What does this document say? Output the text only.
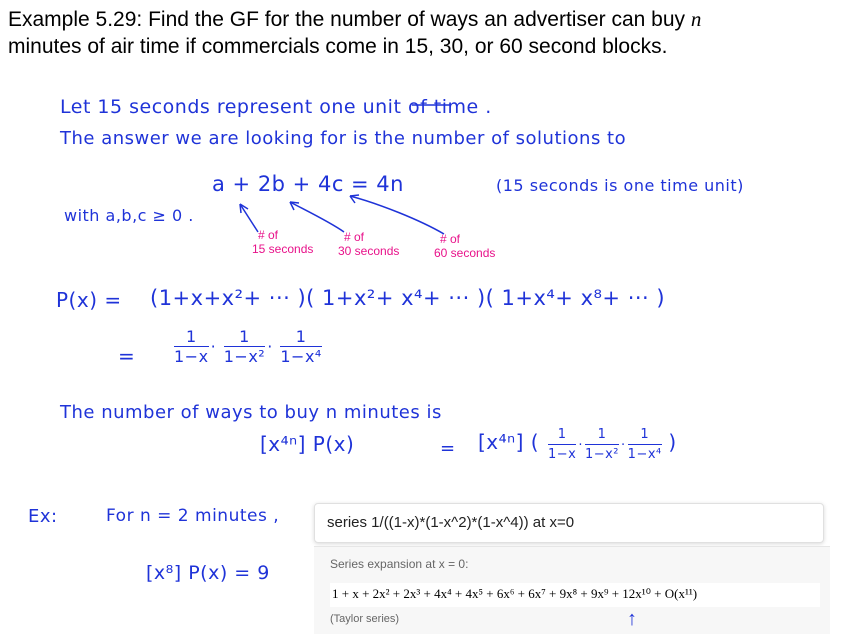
Example 5.29: Find the GF for the number of ways an advertiser can buy n
minutes of air time if commercials come in 15, 30, or 60 second blocks.
Let 15 seconds represent one unit of time .
The answer we are looking for is the number of solutions to
a + 2b + 4c = 4n	(15 seconds is one time unit)
with a,b,c ≥ 0 .
# of
15 seconds
# of
30 seconds
# of
60 seconds
P(x) = (1+x+x²+ ··· )( 1+x²+ x⁴+ ··· )( 1+x⁴+ x⁸+ ··· )
= $\frac{1}{1-x} \cdot \frac{1}{\text{1−x²}} \cdot \frac{1}{\text{1−x⁴}}$
The number of ways to buy n minutes is
[x⁴ⁿ] P(x)	= [x⁴ⁿ] ( $\frac{1}{1-x} \cdot \frac{1}{\text{1−x²}} \cdot \frac{1}{\text{1−x⁴}}$ )
Ex:	For n = 2 minutes ,
[x⁸] P(x) = 9
series 1/((1-x)*(1-x^2)*(1-x^4)) at x=0
Series expansion at x = 0:
1 + x + 2x² + 2x³ + 4x⁴ + 4x⁵ + 6x⁶ + 6x⁷ + 9x⁸ + 9x⁹ + 12x¹⁰ + O(x¹¹)
(Taylor series)	↑
